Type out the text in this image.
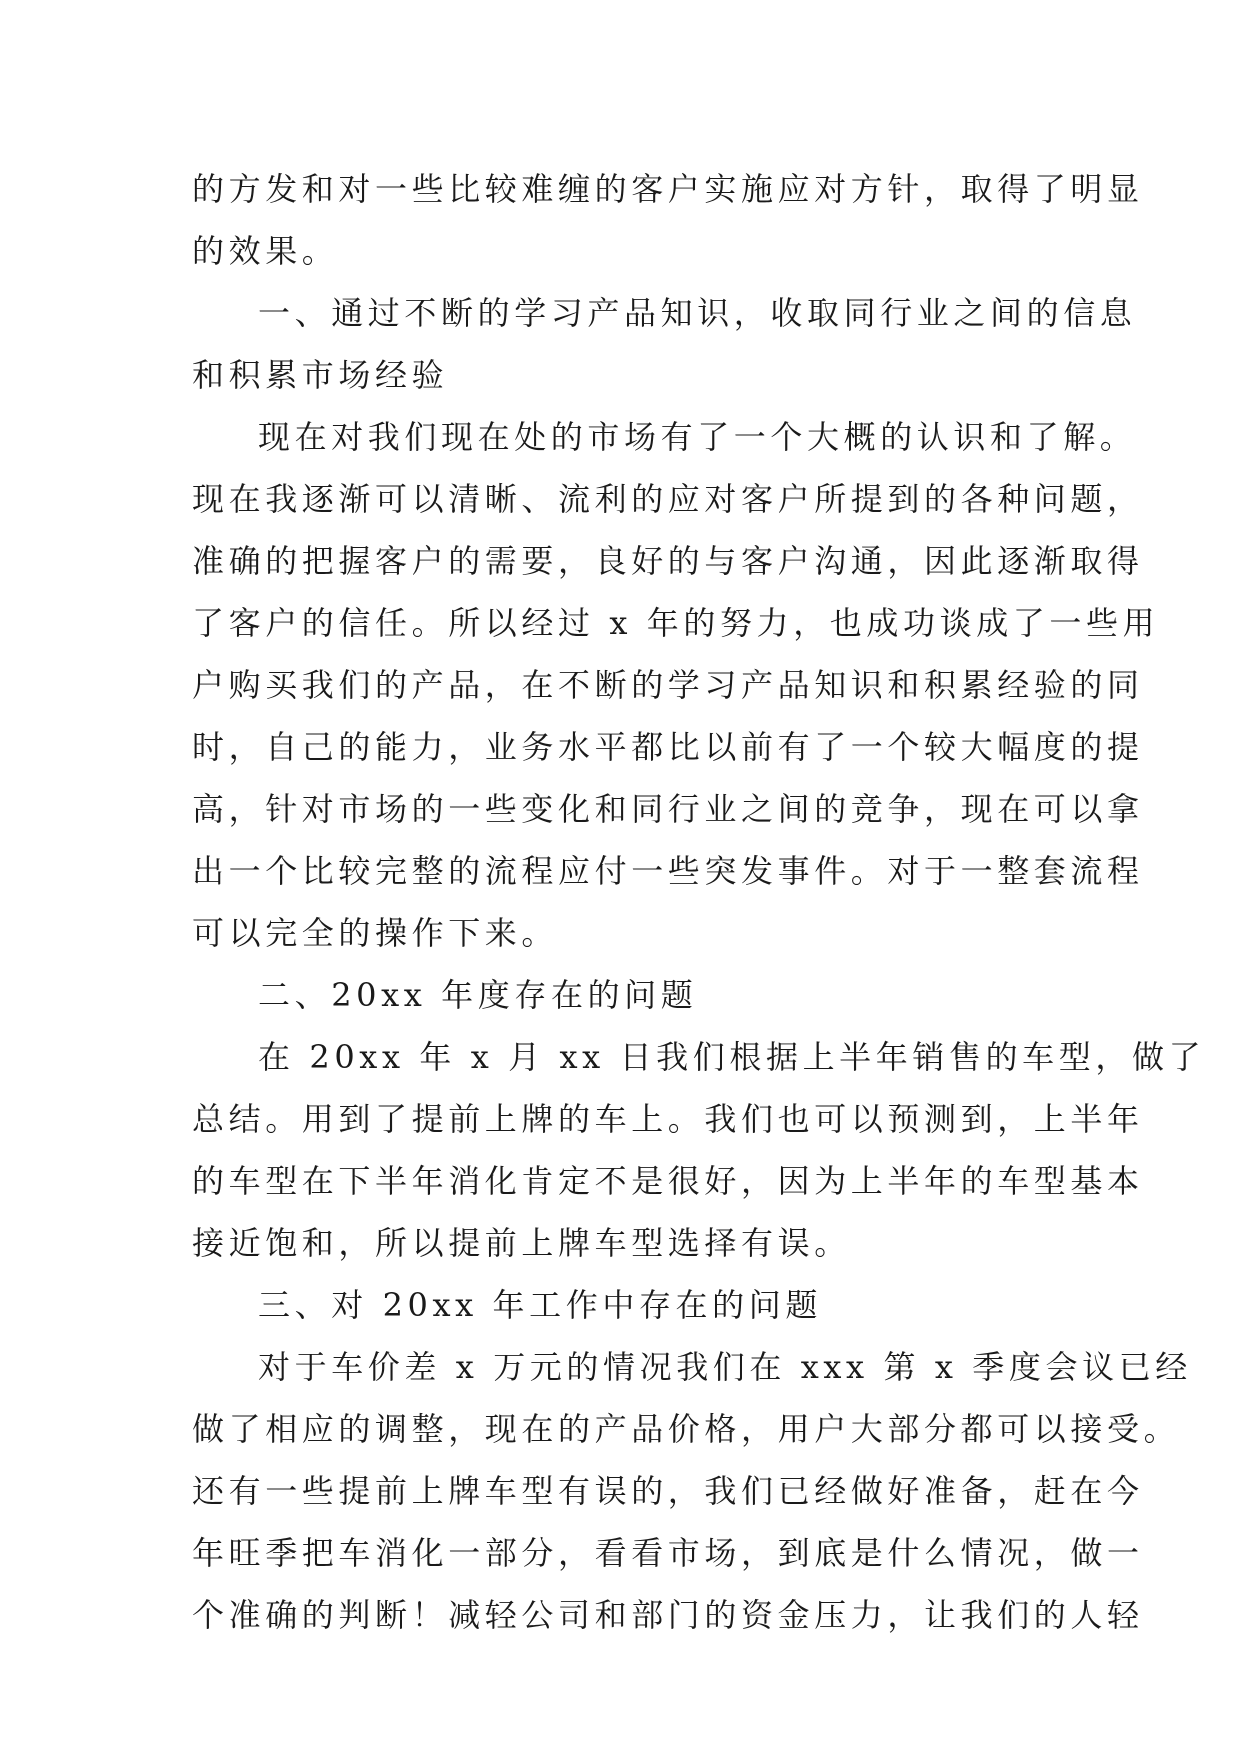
的方发和对一些比较难缠的客户实施应对方针，取得了明显
的效果。
一、通过不断的学习产品知识，收取同行业之间的信息
和积累市场经验
现在对我们现在处的市场有了一个大概的认识和了解。
现在我逐渐可以清晰、流利的应对客户所提到的各种问题，
准确的把握客户的需要，良好的与客户沟通，因此逐渐取得
了客户的信任。所以经过 x 年的努力，也成功谈成了一些用
户购买我们的产品，在不断的学习产品知识和积累经验的同
时，自己的能力，业务水平都比以前有了一个较大幅度的提
高，针对市场的一些变化和同行业之间的竞争，现在可以拿
出一个比较完整的流程应付一些突发事件。对于一整套流程
可以完全的操作下来。
二、20xx 年度存在的问题
在 20xx 年 x 月 xx 日我们根据上半年销售的车型，做了
总结。用到了提前上牌的车上。我们也可以预测到，上半年
的车型在下半年消化肯定不是很好，因为上半年的车型基本
接近饱和，所以提前上牌车型选择有误。
三、对 20xx 年工作中存在的问题
对于车价差 x 万元的情况我们在 xxx 第 x 季度会议已经
做了相应的调整，现在的产品价格，用户大部分都可以接受。
还有一些提前上牌车型有误的，我们已经做好准备，赶在今
年旺季把车消化一部分，看看市场，到底是什么情况，做一
个准确的判断！减轻公司和部门的资金压力，让我们的人轻
